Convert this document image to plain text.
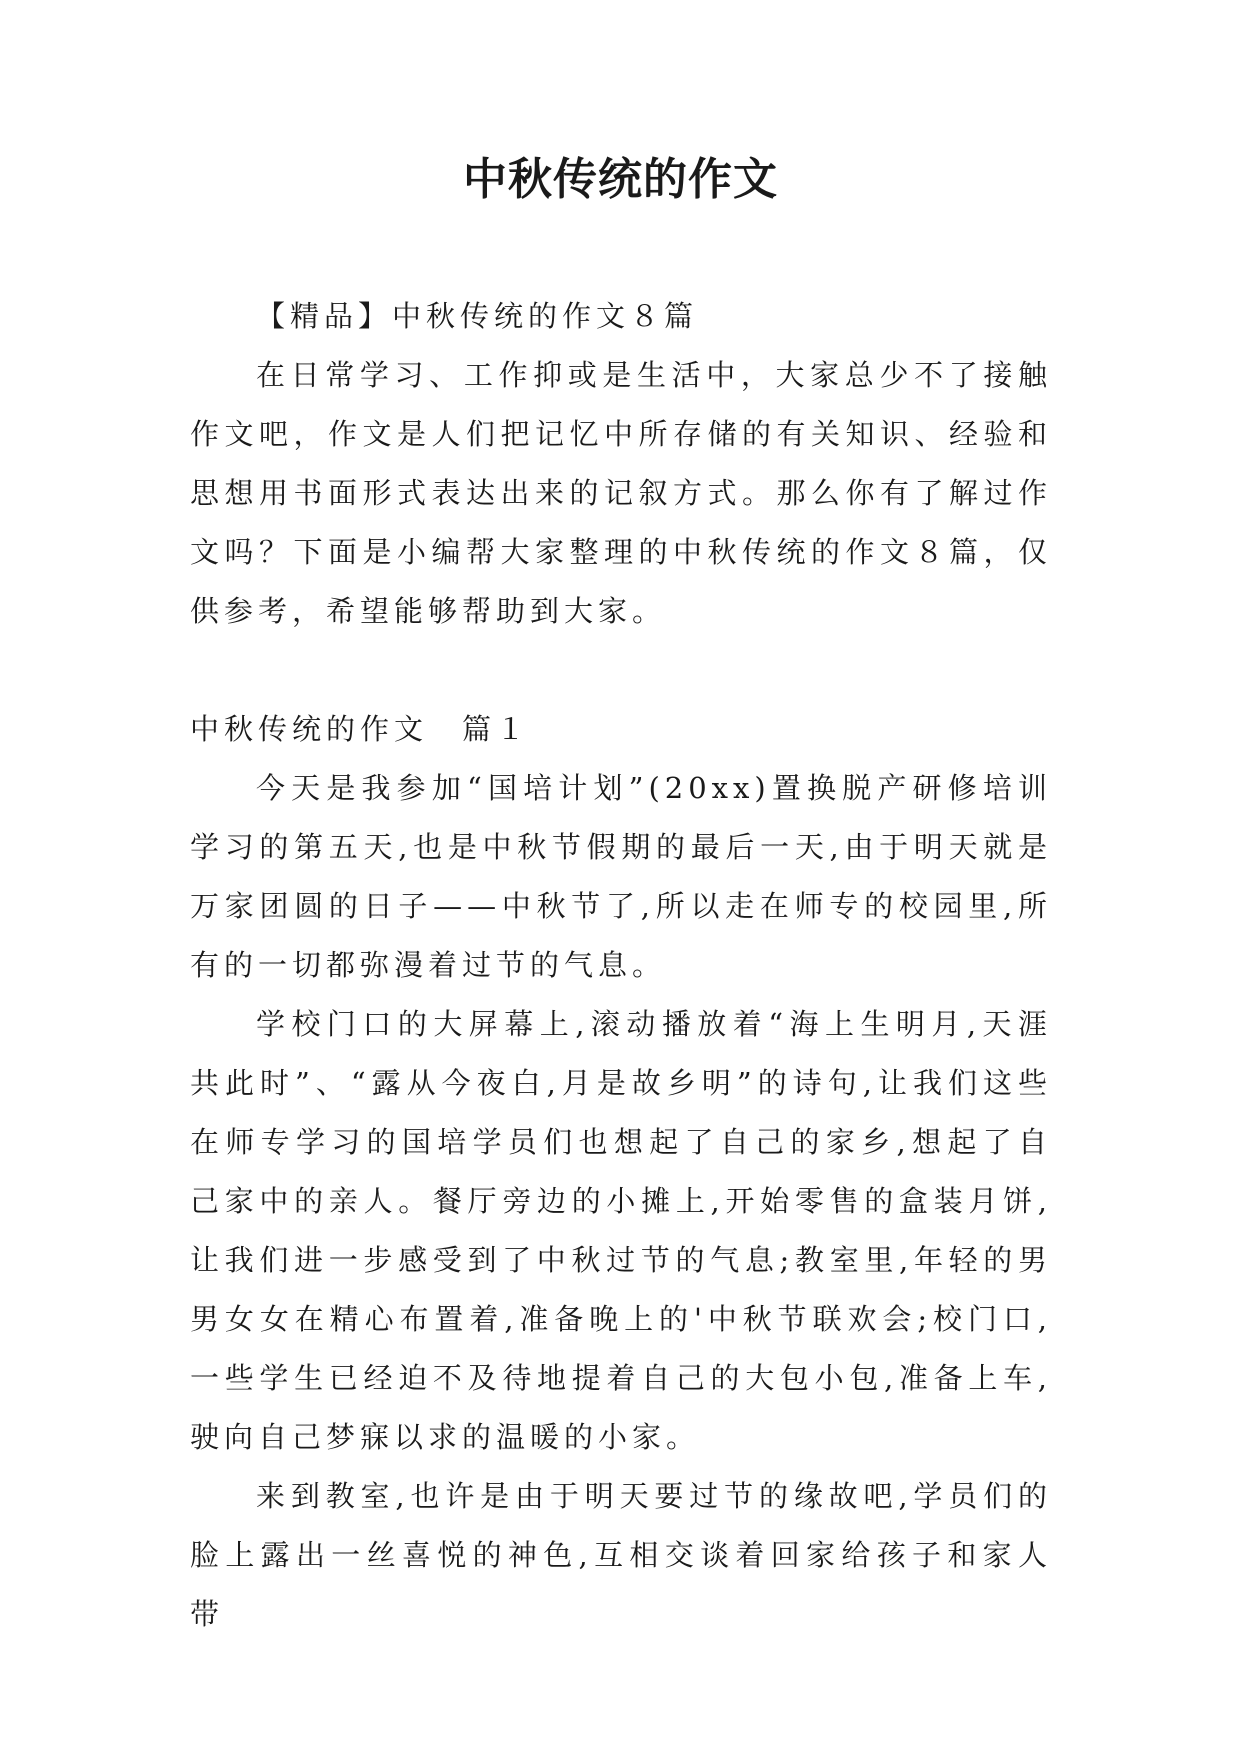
中秋传统的作文

【精品】中秋传统的作文８篇

在日常学习、工作抑或是生活中，大家总少不了接触作文吧，作文是人们把记忆中所存储的有关知识、经验和思想用书面形式表达出来的记叙方式。那么你有了解过作文吗？下面是小编帮大家整理的中秋传统的作文８篇，仅供参考，希望能够帮助到大家。

中秋传统的作文　篇１

今天是我参加“国培计划”(20xx)置换脱产研修培训学习的第五天,也是中秋节假期的最后一天,由于明天就是万家团圆的日子——中秋节了,所以走在师专的校园里,所有的一切都弥漫着过节的气息。

学校门口的大屏幕上,滚动播放着“海上生明月,天涯共此时”、“露从今夜白,月是故乡明”的诗句,让我们这些在师专学习的国培学员们也想起了自己的家乡,想起了自己家中的亲人。餐厅旁边的小摊上,开始零售的盒装月饼,让我们进一步感受到了中秋过节的气息;教室里,年轻的男男女女在精心布置着,准备晚上的'中秋节联欢会;校门口,一些学生已经迫不及待地提着自己的大包小包,准备上车,驶向自己梦寐以求的温暖的小家。

来到教室,也许是由于明天要过节的缘故吧,学员们的脸上露出一丝喜悦的神色,互相交谈着回家给孩子和家人带
